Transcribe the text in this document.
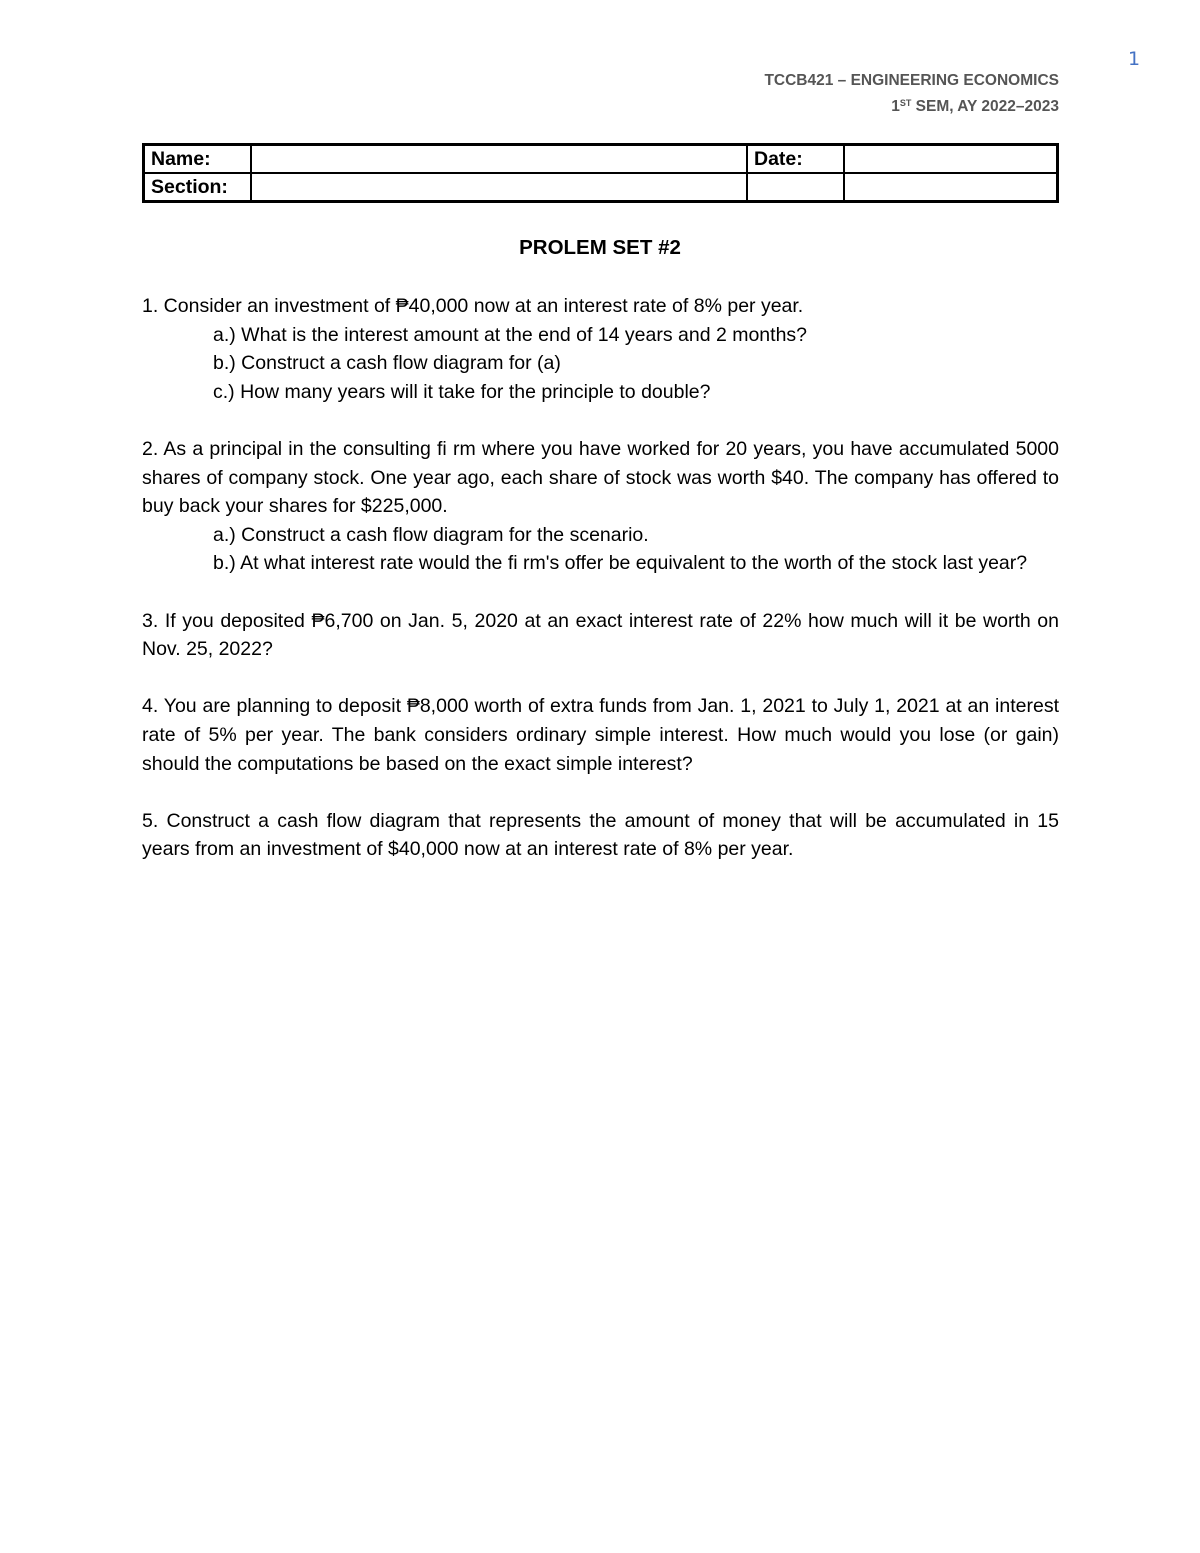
1
TCCB421 – ENGINEERING ECONOMICS
1ST SEM, AY 2022–2023
Name:		Date:	
Section:			
PROLEM SET #2

1. Consider an investment of ₱40,000 now at an interest rate of 8% per year.

a.) What is the interest amount at the end of 14 years and 2 months?

b.) Construct a cash flow diagram for (a)

c.) How many years will it take for the principle to double?

2. As a principal in the consulting fi rm where you have worked for 20 years, you have accumulated 5000 shares of company stock. One year ago, each share of stock was worth $40. The company has offered to buy back your shares for $225,000.

a.) Construct a cash flow diagram for the scenario.

b.) At what interest rate would the fi rm's offer be equivalent to the worth of the stock last year?

3. If you deposited ₱6,700 on Jan. 5, 2020 at an exact interest rate of 22% how much will it be worth on Nov. 25, 2022?

4. You are planning to deposit ₱8,000 worth of extra funds from Jan. 1, 2021 to July 1, 2021 at an interest rate of 5% per year. The bank considers ordinary simple interest. How much would you lose (or gain) should the computations be based on the exact simple interest?

5. Construct a cash flow diagram that represents the amount of money that will be accumulated in 15 years from an investment of $40,000 now at an interest rate of 8% per year.
